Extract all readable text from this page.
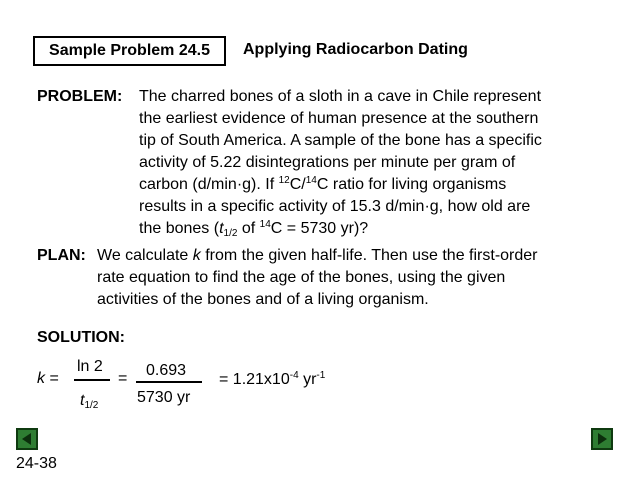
Sample Problem 24.5	Applying Radiocarbon Dating
PROBLEM: The charred bones of a sloth in a cave in Chile represent
the earliest evidence of human presence at the southern
tip of South America. A sample of the bone has a specific
activity of 5.22 disintegrations per minute per gram of
carbon (d/min·g). If $^{12}$C/$^{14}$C ratio for living organisms
results in a specific activity of 15.3 d/min·g, how old are
the bones ($t_{1/2}$ of $^{14}$C = 5730 yr)?
PLAN: We calculate k from the given half-life. Then use the first-order
rate equation to find the age of the bones, using the given
activities of the bones and of a living organism.
SOLUTION:
k =
ln 2
$t_{1/2}$
= 0.693
5730 yr
= $1.21x10^{-4}$ $yr^{-1}$
24-38
